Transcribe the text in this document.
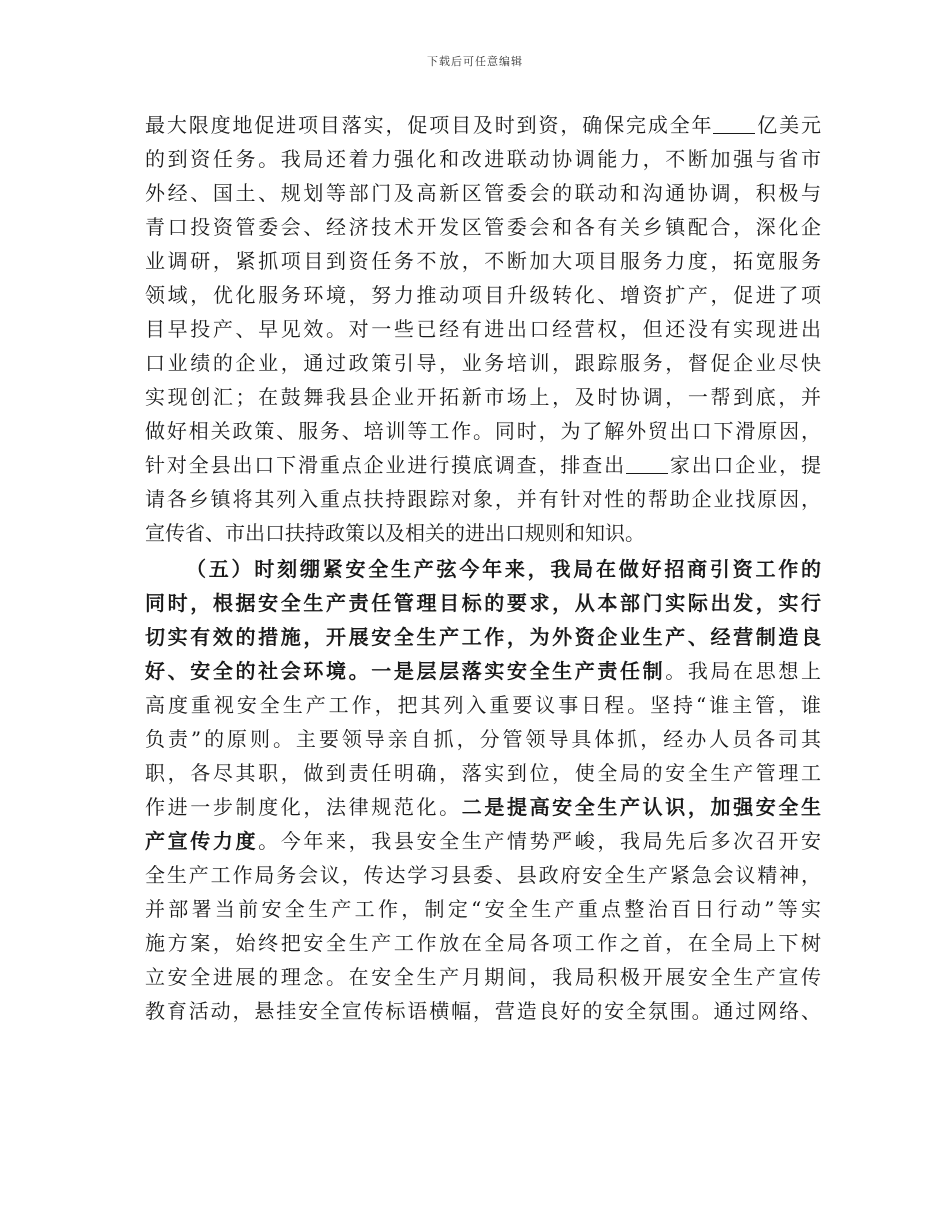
下载后可任意编辑
最大限度地促进项目落实，促项目及时到资，确保完成全年 亿美元
的到资任务。我局还着力强化和改进联动协调能力，不断加强与省市
外经、国土、规划等部门及高新区管委会的联动和沟通协调，积极与
青口投资管委会、经济技术开发区管委会和各有关乡镇配合，深化企
业调研，紧抓项目到资任务不放，不断加大项目服务力度，拓宽服务
领域，优化服务环境，努力推动项目升级转化、增资扩产，促进了项
目早投产、早见效。对一些已经有进出口经营权，但还没有实现进出
口业绩的企业，通过政策引导，业务培训，跟踪服务，督促企业尽快
实现创汇；在鼓舞我县企业开拓新市场上，及时协调，一帮到底，并
做好相关政策、服务、培训等工作。同时，为了解外贸出口下滑原因，
针对全县出口下滑重点企业进行摸底调查，排查出 家出口企业，提
请各乡镇将其列入重点扶持跟踪对象，并有针对性的帮助企业找原因，
宣传省、市出口扶持政策以及相关的进出口规则和知识。
（五）时刻绷紧安全生产弦今年来，我局在做好招商引资工作的
同时，根据安全生产责任管理目标的要求，从本部门实际出发，实行
切实有效的措施，开展安全生产工作，为外资企业生产、经营制造良
好、安全的社会环境。一是层层落实安全生产责任制。我局在思想上
高度重视安全生产工作，把其列入重要议事日程。坚持“谁主管，谁
负责”的原则。主要领导亲自抓，分管领导具体抓，经办人员各司其
职，各尽其职，做到责任明确，落实到位，使全局的安全生产管理工
作进一步制度化，法律规范化。二是提高安全生产认识，加强安全生
产宣传力度。今年来，我县安全生产情势严峻，我局先后多次召开安
全生产工作局务会议，传达学习县委、县政府安全生产紧急会议精神，
并部署当前安全生产工作，制定“安全生产重点整治百日行动”等实
施方案，始终把安全生产工作放在全局各项工作之首，在全局上下树
立安全进展的理念。在安全生产月期间，我局积极开展安全生产宣传
教育活动，悬挂安全宣传标语横幅，营造良好的安全氛围。通过网络、
